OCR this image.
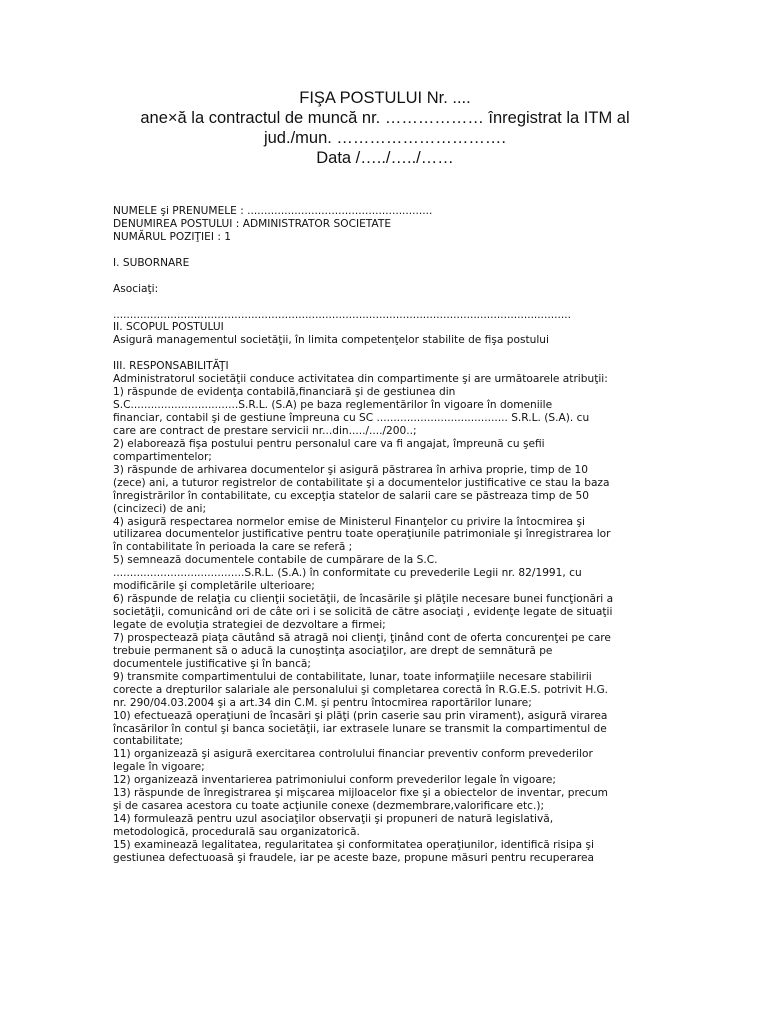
FIŞA POSTULUI Nr. ....
ane×ă la contractul de muncă nr. ……………… înregistrat la ITM al
jud./mun. ………………………….
Data /…../…../……
NUMELE şi PRENUMELE : .......................................................
DENUMIREA POSTULUI : ADMINISTRATOR SOCIETATE
NUMĂRUL POZIŢIEI : 1
I. SUBORNARE
Asociaţi:
........................................................................................................................................
II. SCOPUL POSTULUI
Asigură managementul societăţii, în limita competenţelor stabilite de fişa postului
III. RESPONSABILITĂŢI
Administratorul societăţii conduce activitatea din compartimente şi are următoarele atribuţii:
1) răspunde de evidenţa contabilă,financiară şi de gestiunea din
S.C................................S.R.L. (S.A) pe baza reglementărilor în vigoare în domeniile
financiar, contabil şi de gestiune împreuna cu SC ....................................... S.R.L. (S.A). cu
care are contract de prestare servicii nr...din...../..../200..;
2) elaborează fişa postului pentru personalul care va fi angajat, împreună cu şefii
compartimentelor;
3) răspunde de arhivarea documentelor şi asigură păstrarea în arhiva proprie, timp de 10
(zece) ani, a tuturor registrelor de contabilitate şi a documentelor justificative ce stau la baza
înregistrărilor în contabilitate, cu excepţia statelor de salarii care se păstreaza timp de 50
(cincizeci) de ani;
4) asigură respectarea normelor emise de Ministerul Finanţelor cu privire la întocmirea şi
utilizarea documentelor justificative pentru toate operaţiunile patrimoniale şi înregistrarea lor
în contabilitate în perioada la care se referă ;
5) semnează documentele contabile de cumpărare de la S.C.
.......................................S.R.L. (S.A.) în conformitate cu prevederile Legii nr. 82/1991, cu
modificările şi completările ulterioare;
6) răspunde de relaţia cu clienţii societăţii, de încasările şi plăţile necesare bunei funcţionări a
societăţii, comunicând ori de câte ori i se solicită de către asociaţi , evidenţe legate de situaţii
legate de evoluţia strategiei de dezvoltare a firmei;
7) prospectează piaţa căutând să atragă noi clienţi, ţinând cont de oferta concurenţei pe care
trebuie permanent să o aducă la cunoştinţa asociaţilor, are drept de semnătură pe
documentele justificative şi în bancă;
9) transmite compartimentului de contabilitate, lunar, toate informaţiile necesare stabilirii
corecte a drepturilor salariale ale personalului şi completarea corectă în R.G.E.S. potrivit H.G.
nr. 290/04.03.2004 şi a art.34 din C.M. şi pentru întocmirea raportărilor lunare;
10) efectuează operaţiuni de încasări şi plăţi (prin caserie sau prin virament), asigură virarea
încasărilor în contul şi banca societăţii, iar extrasele lunare se transmit la compartimentul de
contabilitate;
11) organizează şi asigură exercitarea controlului financiar preventiv conform prevederilor
legale în vigoare;
12) organizează inventarierea patrimoniului conform prevederilor legale în vigoare;
13) răspunde de înregistrarea şi mişcarea mijloacelor fixe şi a obiectelor de inventar, precum
şi de casarea acestora cu toate acţiunile conexe (dezmembrare,valorificare etc.);
14) formulează pentru uzul asociaţilor observaţii şi propuneri de natură legislativă,
metodologică, procedurală sau organizatorică.
15) examinează legalitatea, regularitatea şi conformitatea operaţiunilor, identifică risipa şi
gestiunea defectuoasă şi fraudele, iar pe aceste baze, propune măsuri pentru recuperarea
